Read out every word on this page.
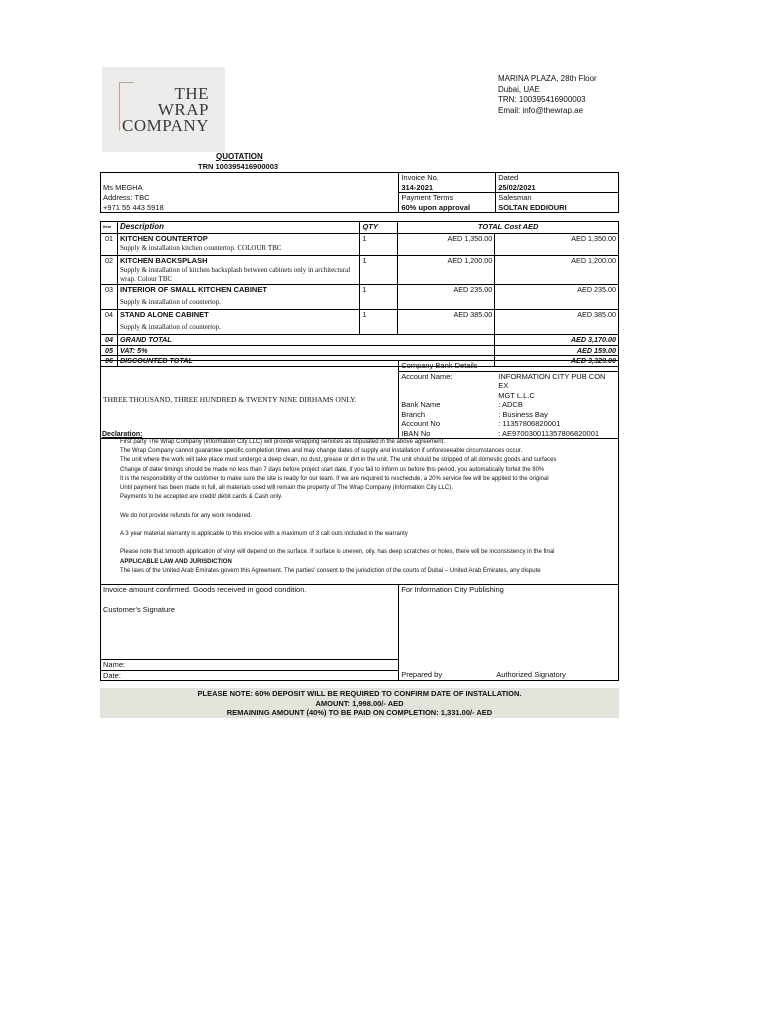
THE
WRAP
COMPANY
MARINA PLAZA, 28th Floor
Dubai, UAE
TRN: 100395416900003
Email: info@thewrap.ae
QUOTATION
TRN 100395416900003
	Invoice No.	Dated
Ms MEGHA	314-2021	25/02/2021
Address: TBC	Payment Terms	Salesman
+971 55 443 5918	60% upon approval	SOLTAN EDDIOURI
Item	Description	QTY	TOTAL Cost AED	
01	KITCHEN COUNTERTOP
Supply & installation kitchen countertop. COLOUR TBC	1	AED 1,350.00	AED 1,350.00
02	KITCHEN BACKSPLASH
Supply & installation of kitchen backsplash between cabinets only in architectural wrap. Colour TBC	1	AED 1,200.00	AED 1,200.00
03	INTERIOR OF SMALL KITCHEN CABINET
Supply & installation of countertop.	1	AED 235.00	AED 235.00
04	STAND ALONE CABINET
Supply & installation of countertop.	1	AED 385.00	AED 385.00
04	GRAND TOTAL			AED 3,170.00
05	VAT: 5%			AED 159.00
06	DISCOUNTED TOTAL			AED 3,329.00
THREE THOUSAND, THREE HUNDRED & TWENTY NINE DIRHAMS ONLY.	
Company Bank Details
Account Name:	INFORMATION CITY PUB CON EX
	MGT L.L.C
Bank Name	: ADCB
Branch	: Business Bay
Account No	: 11357806820001
IBAN No	: AE970030011357806820001
Declaration:
First party The Wrap Company (Information City LLC) will provide wrapping services as stipulated in the above agreement.
The Wrap Company cannot guarantee specific completion times and may change dates of supply and installation if unforeseeable circumstances occur.
The unit where the work will take place must undergo a deep clean, no dust, grease or dirt in the unit. The unit should be stripped of all domestic goods and surfaces
Change of date/ timings should be made no less than 7 days before project start date, if you fail to inform us before this period, you automatically forfeit the 80%
It is the responsibility of the customer to make sure the site is ready for our team. If we are required to reschedule, a 20% service fee will be applied to the original
Until payment has been made in full, all materials used will remain the property of The Wrap Company (Information City LLC).
Payments to be accepted are credit/ debit cards & Cash only.
We do not provide refunds for any work rendered.
A 3 year material warranty is applicable to this invoice with a maximum of 3 call outs included in the warranty
Please note that smooth application of vinyl will depend on the surface. If surface is uneven, oily, has deep scratches or holes, there will be inconsistency in the final
APPLICABLE LAW AND JURISDICTION
The laws of the United Arab Emirates govern this Agreement. The parties' consent to the jurisdiction of the courts of Dubai – United Arab Emirates, any dispute
Invoice amount confirmed. Goods received in good condition.	For Information City Publishing
Customer's Signature	

Name:	
Date:	Prepared by Authorized Signatory
PLEASE NOTE: 60% DEPOSIT WILL BE REQUIRED TO CONFIRM DATE OF INSTALLATION.
AMOUNT: 1,998.00/- AED
REMAINING AMOUNT (40%) TO BE PAID ON COMPLETION: 1,331.00/- AED
